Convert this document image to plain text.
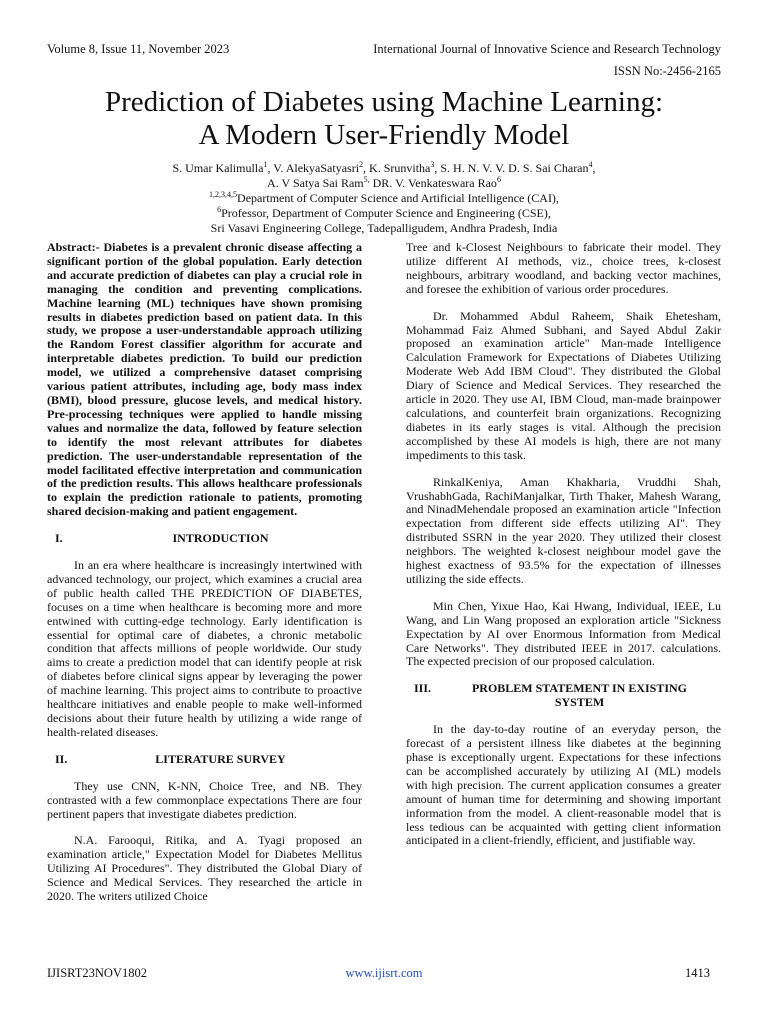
Volume 8, Issue 11, November 2023	International Journal of Innovative Science and Research Technology
ISSN No:-2456-2165
Prediction of Diabetes using Machine Learning:
A Modern User-Friendly Model
S. Umar Kalimulla$^1$, V. AlekyaSatyasri$^2$, K. Srunvitha$^3$, S. H. N. V. V. D. S. Sai Charan$^4$,
A. V Satya Sai Ram$^{5,}$ DR. V. Venkateswara Rao$^6$
$^{1,2,3,4,5}$Department of Computer Science and Artificial Intelligence (CAI),
$^6$Professor, Department of Computer Science and Engineering (CSE),
Sri Vasavi Engineering College, Tadepalligudem, Andhra Pradesh, India

Abstract:- Diabetes is a prevalent chronic disease affecting a significant portion of the global population. Early detection and accurate prediction of diabetes can play a crucial role in managing the condition and preventing complications. Machine learning (ML) techniques have shown promising results in diabetes prediction based on patient data. In this study, we propose a user-understandable approach utilizing the Random Forest classifier algorithm for accurate and interpretable diabetes prediction. To build our prediction model, we utilized a comprehensive dataset comprising various patient attributes, including age, body mass index (BMI), blood pressure, glucose levels, and medical history. Pre-processing techniques were applied to handle missing values and normalize the data, followed by feature selection to identify the most relevant attributes for diabetes prediction. The user-understandable representation of the model facilitated effective interpretation and communication of the prediction results. This allows healthcare professionals to explain the prediction rationale to patients, promoting shared decision-making and patient engagement.

I.	INTRODUCTION

In an era where healthcare is increasingly intertwined with advanced technology, our project, which examines a crucial area of public health called THE PREDICTION OF DIABETES, focuses on a time when healthcare is becoming more and more entwined with cutting-edge technology. Early identification is essential for optimal care of diabetes, a chronic metabolic condition that affects millions of people worldwide. Our study aims to create a prediction model that can identify people at risk of diabetes before clinical signs appear by leveraging the power of machine learning. This project aims to contribute to proactive healthcare initiatives and enable people to make well-informed decisions about their future health by utilizing a wide range of health-related diseases.

II.	LITERATURE SURVEY

They use CNN, K-NN, Choice Tree, and NB. They contrasted with a few commonplace expectations There are four pertinent papers that investigate diabetes prediction.

N.A. Farooqui, Ritika, and A. Tyagi proposed an examination article," Expectation Model for Diabetes Mellitus Utilizing AI Procedures". They distributed the Global Diary of Science and Medical Services. They researched the article in 2020. The writers utilized Choice

Tree and k-Closest Neighbours to fabricate their model. They utilize different AI methods, viz., choice trees, k-closest neighbours, arbitrary woodland, and backing vector machines, and foresee the exhibition of various order procedures.

Dr. Mohammed Abdul Raheem, Shaik Ehetesham, Mohammad Faiz Ahmed Subhani, and Sayed Abdul Zakir proposed an examination article" Man-made Intelligence Calculation Framework for Expectations of Diabetes Utilizing Moderate Web Add IBM Cloud". They distributed the Global Diary of Science and Medical Services. They researched the article in 2020. They use AI, IBM Cloud, man-made brainpower calculations, and counterfeit brain organizations. Recognizing diabetes in its early stages is vital. Although the precision accomplished by these AI models is high, there are not many impediments to this task.

RinkalKeniya, Aman Khakharia, Vruddhi Shah, VrushabhGada, RachiManjalkar, Tirth Thaker, Mahesh Warang, and NinadMehendale proposed an examination article "Infection expectation from different side effects utilizing AI". They distributed SSRN in the year 2020. They utilized their closest neighbors. The weighted k-closest neighbour model gave the highest exactness of 93.5% for the expectation of illnesses utilizing the side effects.

Min Chen, Yixue Hao, Kai Hwang, Individual, IEEE, Lu Wang, and Lin Wang proposed an exploration article "Sickness Expectation by AI over Enormous Information from Medical Care Networks". They distributed IEEE in 2017. calculations. The expected precision of our proposed calculation.

III.	PROBLEM STATEMENT IN EXISTING SYSTEM

In the day-to-day routine of an everyday person, the forecast of a persistent illness like diabetes at the beginning phase is exceptionally urgent. Expectations for these infections can be accomplished accurately by utilizing AI (ML) models with high precision. The current application consumes a greater amount of human time for determining and showing important information from the model. A client-reasonable model that is less tedious can be acquainted with getting client information anticipated in a client-friendly, efficient, and justifiable way.

IJISRT23NOV1802	www.ijisrt.com	1413
